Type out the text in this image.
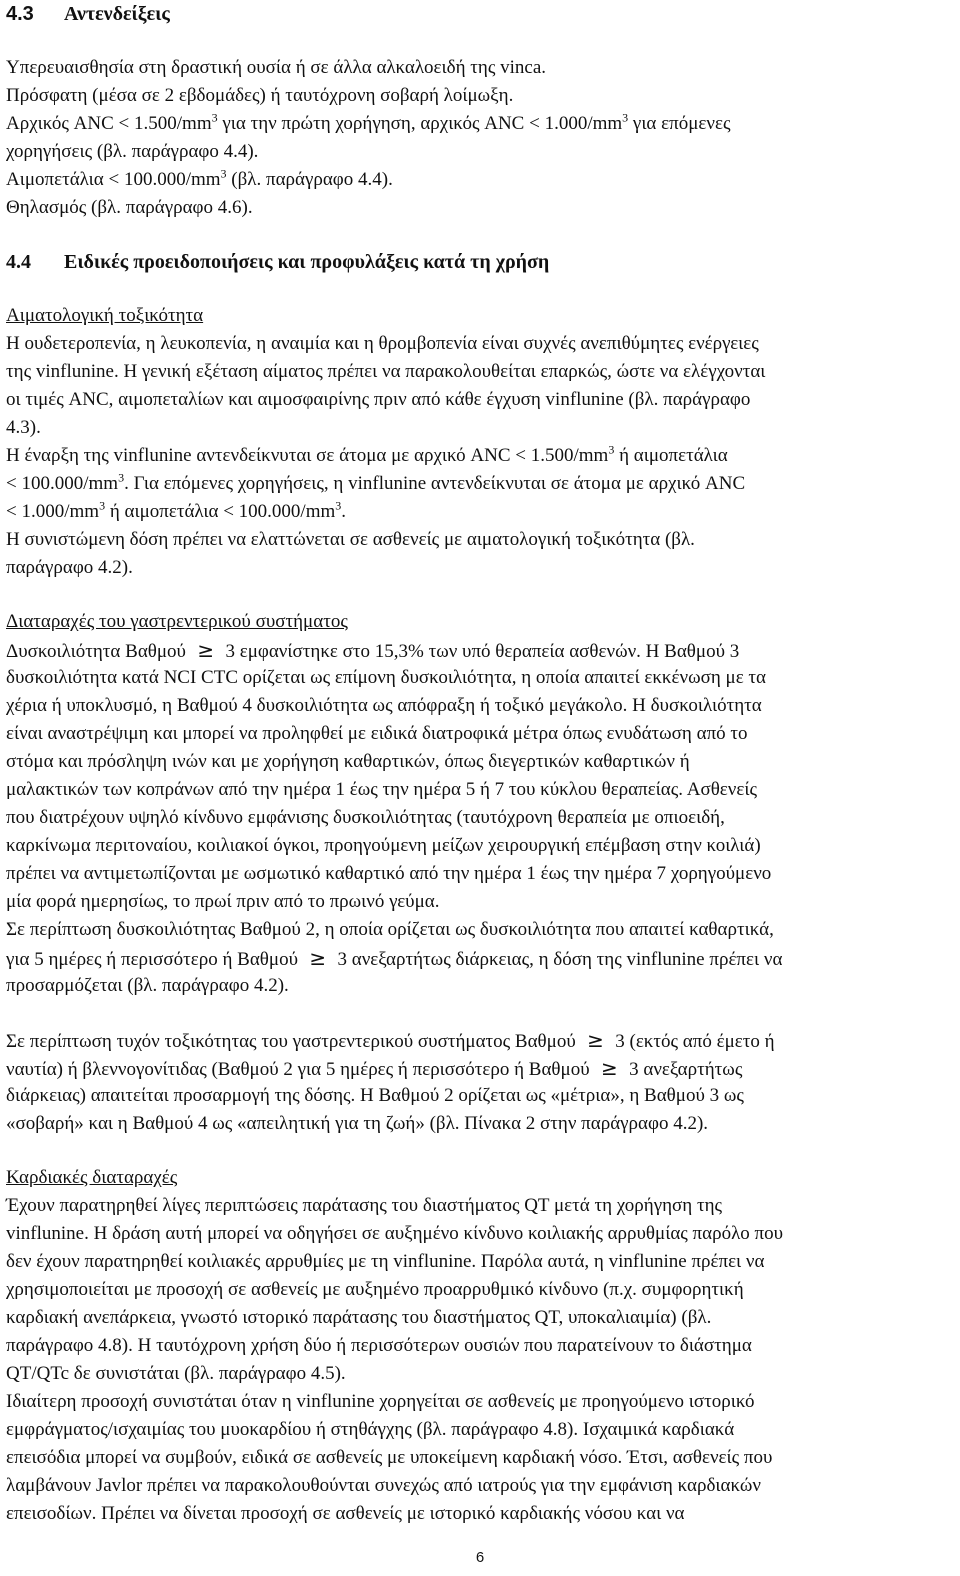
4.3 Αντενδείξεις
Υπερευαισθησία στη δραστική ουσία ή σε άλλα αλκαλοειδή της vinca.
Πρόσφατη (μέσα σε 2 εβδομάδες) ή ταυτόχρονη σοβαρή λοίμωξη.
Αρχικός ANC < $1.500/mm^3$ για την πρώτη χορήγηση, αρχικός ANC < $1.000/mm^3$ για επόμενες
χορηγήσεις (βλ. παράγραφο 4.4).
$A\iota\mu o\pi\varepsilon\tau ά\lambda\iota\alpha < 100.000/mm^3$ (βλ. παράγραφο 4.4).
Θηλασμός (βλ. παράγραφο 4.6).
4.4 Ειδικές προειδοποιήσεις και προφυλάξεις κατά τη χρήση
Αιματολογική τοξικότητα
Η ουδετεροπενία, η λευκοπενία, η αναιμία και η θρομβοπενία είναι συχνές ανεπιθύμητες ενέργειες
της vinflunine. Η γενική εξέταση αίματος πρέπει να παρακολουθείται επαρκώς, ώστε να ελέγχονται
οι τιμές ANC, αιμοπεταλίων και αιμοσφαιρίνης πριν από κάθε έγχυση vinflunine (βλ. παράγραφο
4.3).
Η έναρξη της vinflunine αντενδείκνυται σε άτομα με αρχικό ANC < $1.500/mm^3$ ή αιμοπετάλια
< $100.000/mm^3$. Για επόμενες χορηγήσεις, η vinflunine αντενδείκνυται σε άτομα με αρχικό ANC
< $1.000/mm^3$ ή $\alpha\iota\mu o\pi\varepsilon\tau ά\lambda\iota\alpha < 100.000/mm^3$.
Η συνιστώμενη δόση πρέπει να ελαττώνεται σε ασθενείς με αιματολογική τοξικότητα (βλ.
παράγραφο 4.2).
Διαταραχές του γαστρεντερικού συστήματος
Δυσκοιλιότητα Βαθμού ≥ 3 εμφανίστηκε στο 15,3% των υπό θεραπεία ασθενών. Η Βαθμού 3
δυσκοιλιότητα κατά NCI CTC ορίζεται ως επίμονη δυσκοιλιότητα, η οποία απαιτεί εκκένωση με τα
χέρια ή υποκλυσμό, η Βαθμού 4 δυσκοιλιότητα ως απόφραξη ή τοξικό μεγάκολο. Η δυσκοιλιότητα
είναι αναστρέψιμη και μπορεί να προληφθεί με ειδικά διατροφικά μέτρα όπως ενυδάτωση από το
στόμα και πρόσληψη ινών και με χορήγηση καθαρτικών, όπως διεγερτικών καθαρτικών ή
μαλακτικών των κοπράνων από την ημέρα 1 έως την ημέρα 5 ή 7 του κύκλου θεραπείας. Ασθενείς
που διατρέχουν υψηλό κίνδυνο εμφάνισης δυσκοιλιότητας (ταυτόχρονη θεραπεία με οπιοειδή,
καρκίνωμα περιτοναίου, κοιλιακοί όγκοι, προηγούμενη μείζων χειρουργική επέμβαση στην κοιλιά)
πρέπει να αντιμετωπίζονται με ωσμωτικό καθαρτικό από την ημέρα 1 έως την ημέρα 7 χορηγούμενο
μία φορά ημερησίως, το πρωί πριν από το πρωινό γεύμα.
Σε περίπτωση δυσκοιλιότητας Βαθμού 2, η οποία ορίζεται ως δυσκοιλιότητα που απαιτεί καθαρτικά,
για 5 ημέρες ή περισσότερο ή Βαθμού ≥ 3 ανεξαρτήτως διάρκειας, η δόση της vinflunine πρέπει να
προσαρμόζεται (βλ. παράγραφο 4.2).
Σε περίπτωση τυχόν τοξικότητας του γαστρεντερικού συστήματος Βαθμού ≥ 3 (εκτός από έμετο ή
ναυτία) ή βλεννογονίτιδας (Βαθμού 2 για 5 ημέρες ή περισσότερο ή Βαθμού ≥ 3 ανεξαρτήτως
διάρκειας) απαιτείται προσαρμογή της δόσης. Η Βαθμού 2 ορίζεται ως «μέτρια», η Βαθμού 3 ως
«σοβαρή» και η Βαθμού 4 ως «απειλητική για τη ζωή» (βλ. Πίνακα 2 στην παράγραφο 4.2).
Καρδιακές διαταραχές
Έχουν παρατηρηθεί λίγες περιπτώσεις παράτασης του διαστήματος QT μετά τη χορήγηση της
vinflunine. Η δράση αυτή μπορεί να οδηγήσει σε αυξημένο κίνδυνο κοιλιακής αρρυθμίας παρόλο που
δεν έχουν παρατηρηθεί κοιλιακές αρρυθμίες με τη vinflunine. Παρόλα αυτά, η vinflunine πρέπει να
χρησιμοποιείται με προσοχή σε ασθενείς με αυξημένο προαρρυθμικό κίνδυνο (π.χ. συμφορητική
καρδιακή ανεπάρκεια, γνωστό ιστορικό παράτασης του διαστήματος QT, υποκαλιαιμία) (βλ.
παράγραφο 4.8). Η ταυτόχρονη χρήση δύο ή περισσότερων ουσιών που παρατείνουν το διάστημα
QT/QTc δε συνιστάται (βλ. παράγραφο 4.5).
Ιδιαίτερη προσοχή συνιστάται όταν η vinflunine χορηγείται σε ασθενείς με προηγούμενο ιστορικό
εμφράγματος/ισχαιμίας του μυοκαρδίου ή στηθάγχης (βλ. παράγραφο 4.8). Ισχαιμικά καρδιακά
επεισόδια μπορεί να συμβούν, ειδικά σε ασθενείς με υποκείμενη καρδιακή νόσο. Έτσι, ασθενείς που
λαμβάνουν Javlor πρέπει να παρακολουθούνται συνεχώς από ιατρούς για την εμφάνιση καρδιακών
επεισοδίων. Πρέπει να δίνεται προσοχή σε ασθενείς με ιστορικό καρδιακής νόσου και να
6
